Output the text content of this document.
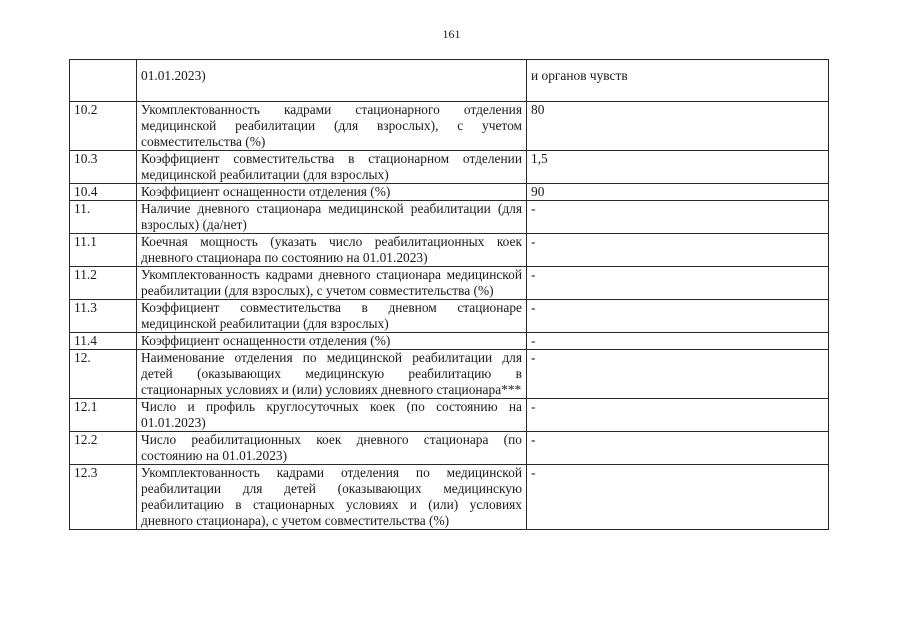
161
	01.01.2023)	и органов чувств
10.2	Укомплектованность кадрами стационарного отделения медицинской реабилитации (для взрослых), с учетом совместительства (%)	80
10.3	Коэффициент совместительства в стационарном отделении медицинской реабилитации (для взрослых)	1,5
10.4	Коэффициент оснащенности отделения (%)	90
11.	Наличие дневного стационара медицинской реабилитации (для взрослых) (да/нет)	-
11.1	Коечная мощность (указать число реабилитационных коек дневного стационара по состоянию на 01.01.2023)	-
11.2	Укомплектованность кадрами дневного стационара медицинской реабилитации (для взрослых), с учетом совместительства (%)	-
11.3	Коэффициент совместительства в дневном стационаре медицинской реабилитации (для взрослых)	-
11.4	Коэффициент оснащенности отделения (%)	-
12.	Наименование отделения по медицинской реабилитации для детей (оказывающих медицинскую реабилитацию в стационарных условиях и (или) условиях дневного стационара***	-
12.1	Число и профиль круглосуточных коек (по состоянию на 01.01.2023)	-
12.2	Число реабилитационных коек дневного стационара (по состоянию на 01.01.2023)	-
12.3	Укомплектованность кадрами отделения по медицинской реабилитации для детей (оказывающих медицинскую реабилитацию в стационарных условиях и (или) условиях дневного стационара), с учетом совместительства (%)	-
